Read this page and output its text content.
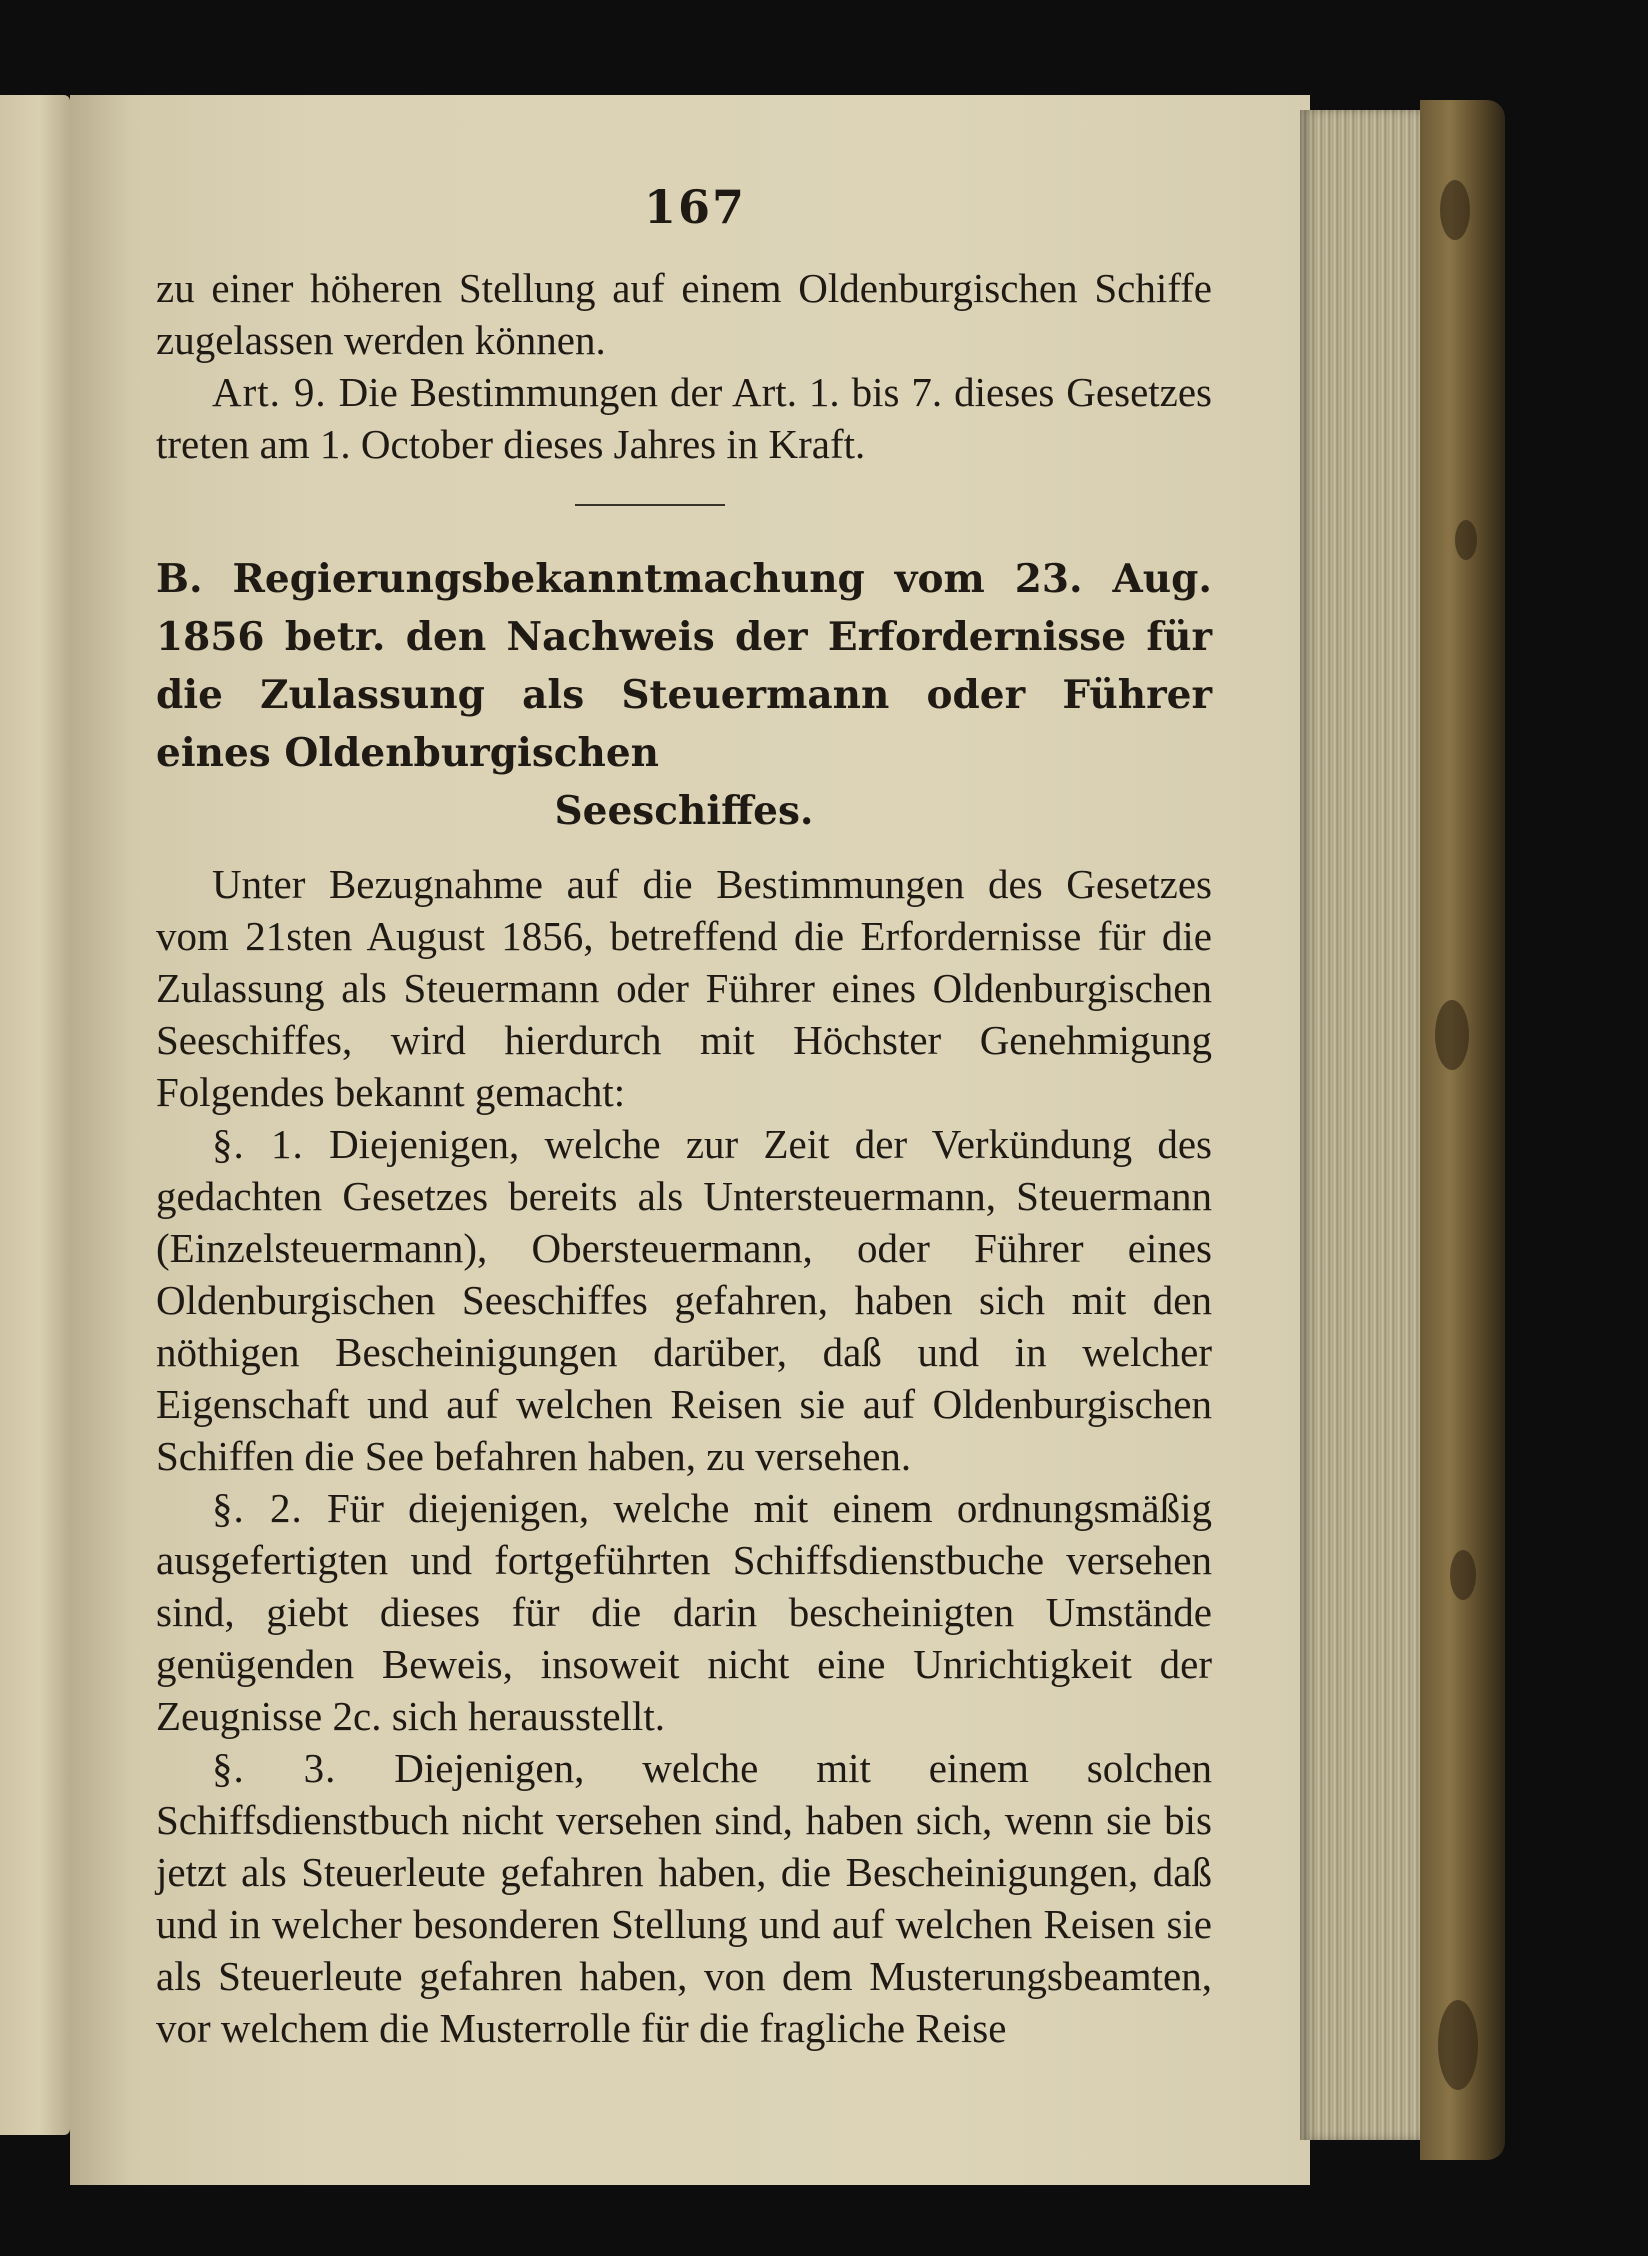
167

zu einer höheren Stellung auf einem Oldenburgischen Schiffe zugelassen werden können.

Art. 9. Die Bestimmungen der Art. 1. bis 7. dieses Gesetzes treten am 1. October dieses Jahres in Kraft.

B. Regierungsbekanntmachung vom 23. Aug. 1856 betr. den Nachweis der Erfordernisse für die Zulassung als Steuermann oder Führer eines Oldenburgischen
Seeschiffes.

Unter Bezugnahme auf die Bestimmungen des Gesetzes vom 21sten August 1856, betreffend die Erfordernisse für die Zulassung als Steuermann oder Führer eines Oldenburgischen Seeschiffes, wird hierdurch mit Höchster Genehmigung Folgendes bekannt gemacht:

§. 1. Diejenigen, welche zur Zeit der Verkündung des gedachten Gesetzes bereits als Untersteuermann, Steuermann (Einzelsteuermann), Obersteuermann, oder Führer eines Oldenburgischen Seeschiffes gefahren, haben sich mit den nöthigen Bescheinigungen darüber, daß und in welcher Eigenschaft und auf welchen Reisen sie auf Oldenburgischen Schiffen die See befahren haben, zu versehen.

§. 2. Für diejenigen, welche mit einem ordnungsmäßig ausgefertigten und fortgeführten Schiffsdienstbuche versehen sind, giebt dieses für die darin bescheinigten Umstände genügenden Beweis, insoweit nicht eine Unrichtigkeit der Zeugnisse 2c. sich herausstellt.

§. 3. Diejenigen, welche mit einem solchen Schiffsdienstbuch nicht versehen sind, haben sich, wenn sie bis jetzt als Steuerleute gefahren haben, die Bescheinigungen, daß und in welcher besonderen Stellung und auf welchen Reisen sie als Steuerleute gefahren haben, von dem Musterungsbeamten, vor welchem die Musterrolle für die fragliche Reise
